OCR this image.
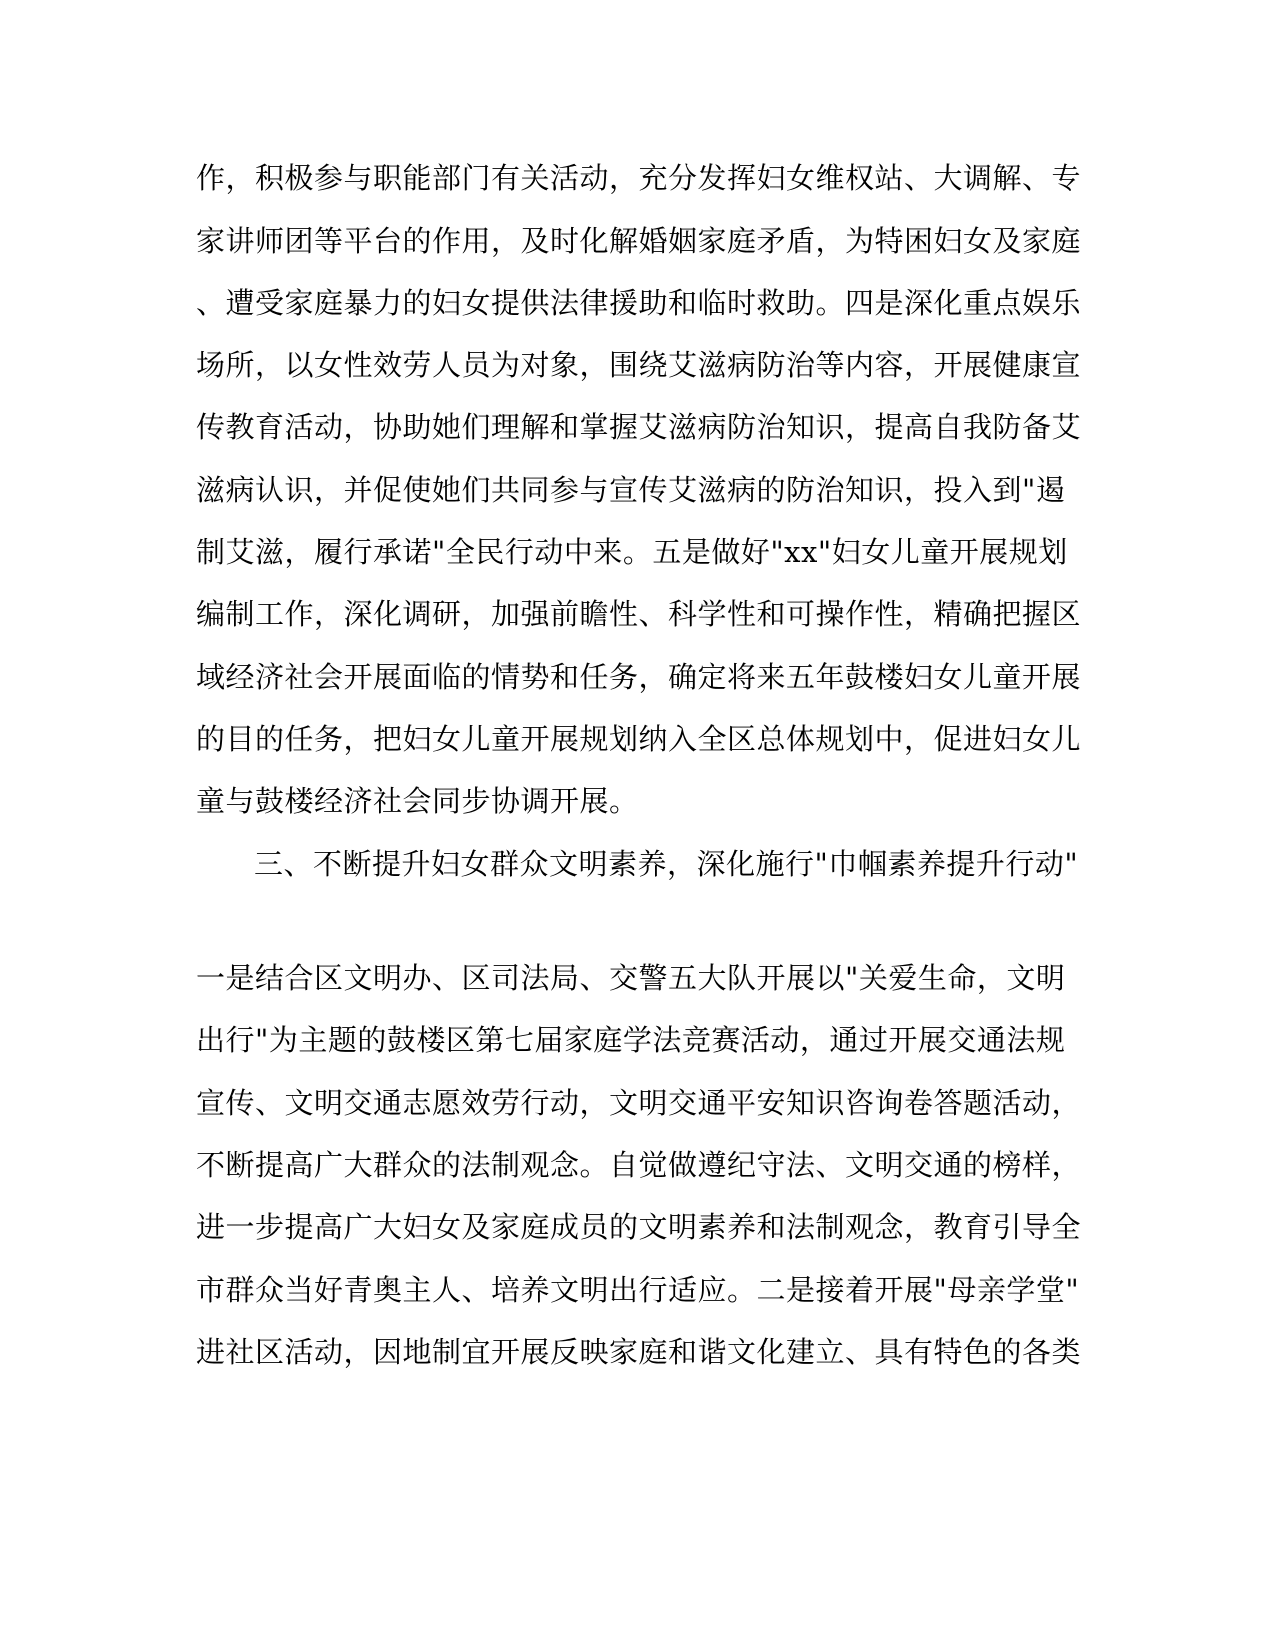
作，积极参与职能部门有关活动，充分发挥妇女维权站、大调解、专
家讲师团等平台的作用，及时化解婚姻家庭矛盾，为特困妇女及家庭
、遭受家庭暴力的妇女提供法律援助和临时救助。四是深化重点娱乐
场所，以女性效劳人员为对象，围绕艾滋病防治等内容，开展健康宣
传教育活动，协助她们理解和掌握艾滋病防治知识，提高自我防备艾
滋病认识，并促使她们共同参与宣传艾滋病的防治知识，投入到"遏
制艾滋，履行承诺"全民行动中来。五是做好"xx"妇女儿童开展规划
编制工作，深化调研，加强前瞻性、科学性和可操作性，精确把握区
域经济社会开展面临的情势和任务，确定将来五年鼓楼妇女儿童开展
的目的任务，把妇女儿童开展规划纳入全区总体规划中，促进妇女儿
童与鼓楼经济社会同步协调开展。
三、不断提升妇女群众文明素养，深化施行"巾帼素养提升行动"
一是结合区文明办、区司法局、交警五大队开展以"关爱生命，文明
出行"为主题的鼓楼区第七届家庭学法竞赛活动，通过开展交通法规
宣传、文明交通志愿效劳行动，文明交通平安知识咨询卷答题活动，
不断提高广大群众的法制观念。自觉做遵纪守法、文明交通的榜样，
进一步提高广大妇女及家庭成员的文明素养和法制观念，教育引导全
市群众当好青奥主人、培养文明出行适应。二是接着开展"母亲学堂"
进社区活动，因地制宜开展反映家庭和谐文化建立、具有特色的各类
